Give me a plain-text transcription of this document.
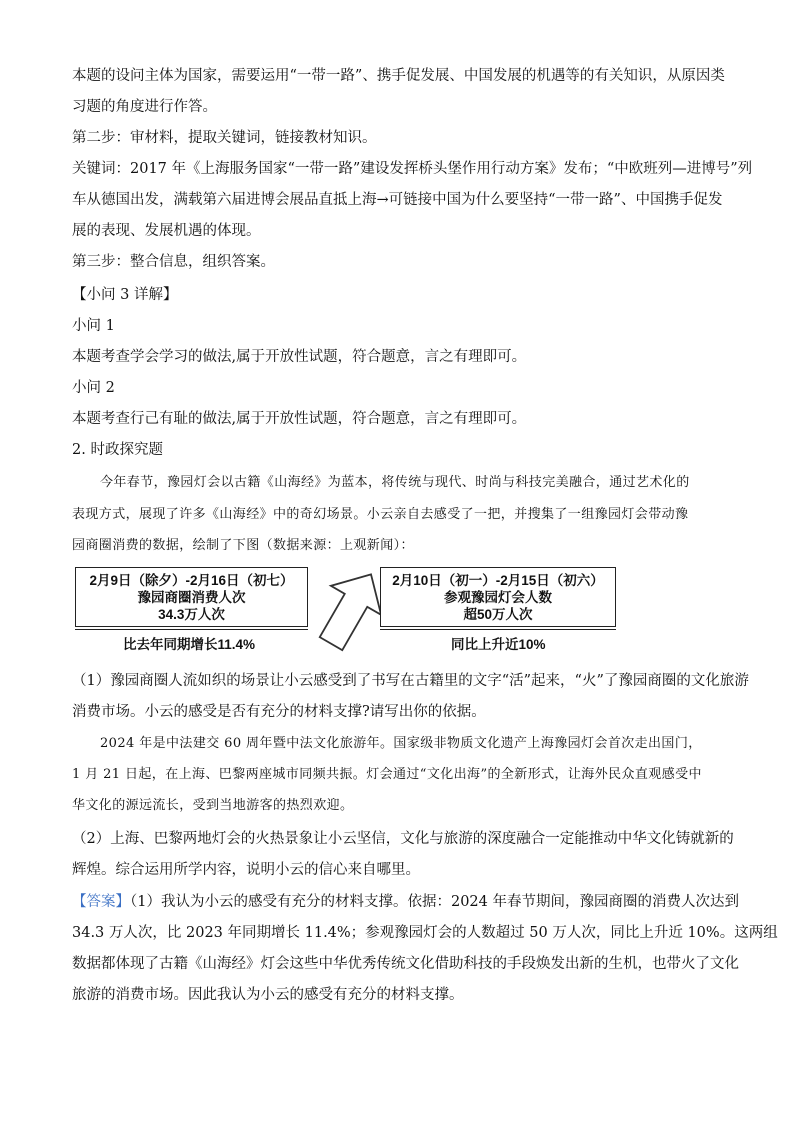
本题的设问主体为国家，需要运用“一带一路”、携手促发展、中国发展的机遇等的有关知识，从原因类
习题的角度进行作答。
第二步：审材料，提取关键词，链接教材知识。
关键词：2017 年《上海服务国家“一带一路”建设发挥桥头堡作用行动方案》发布；“中欧班列—进博号”列
车从德国出发，满载第六届进博会展品直抵上海→可链接中国为什么要坚持“一带一路”、中国携手促发
展的表现、发展机遇的体现。
第三步：整合信息，组织答案。
【小问 3 详解】
小问 1
本题考查学会学习的做法,属于开放性试题，符合题意，言之有理即可。
小问 2
本题考查行己有耻的做法,属于开放性试题，符合题意，言之有理即可。
2. 时政探究题
今年春节，豫园灯会以古籍《山海经》为蓝本，将传统与现代、时尚与科技完美融合，通过艺术化的
表现方式，展现了许多《山海经》中的奇幻场景。小云亲自去感受了一把，并搜集了一组豫园灯会带动豫
园商圈消费的数据，绘制了下图（数据来源：上观新闻）：
2月9日（除夕）-2月16日（初七）
豫园商圈消费人次
34.3万人次
比去年同期增长11.4%
2月10日（初一）-2月15日（初六）
参观豫园灯会人数
超50万人次
同比上升近10%
（1）豫园商圈人流如织的场景让小云感受到了书写在古籍里的文字“活”起来，“火”了豫园商圈的文化旅游
消费市场。小云的感受是否有充分的材料支撑?请写出你的依据。
2024 年是中法建交 60 周年暨中法文化旅游年。国家级非物质文化遗产上海豫园灯会首次走出国门，
1 月 21 日起，在上海、巴黎两座城市同频共振。灯会通过“文化出海”的全新形式，让海外民众直观感受中
华文化的源远流长，受到当地游客的热烈欢迎。
（2）上海、巴黎两地灯会的火热景象让小云坚信，文化与旅游的深度融合一定能推动中华文化铸就新的
辉煌。综合运用所学内容，说明小云的信心来自哪里。
【答案】（1）我认为小云的感受有充分的材料支撑。依据：2024 年春节期间，豫园商圈的消费人次达到
34.3 万人次，比 2023 年同期增长 11.4%；参观豫园灯会的人数超过 50 万人次，同比上升近 10%。这两组
数据都体现了古籍《山海经》灯会这些中华优秀传统文化借助科技的手段焕发出新的生机，也带火了文化
旅游的消费市场。因此我认为小云的感受有充分的材料支撑。
